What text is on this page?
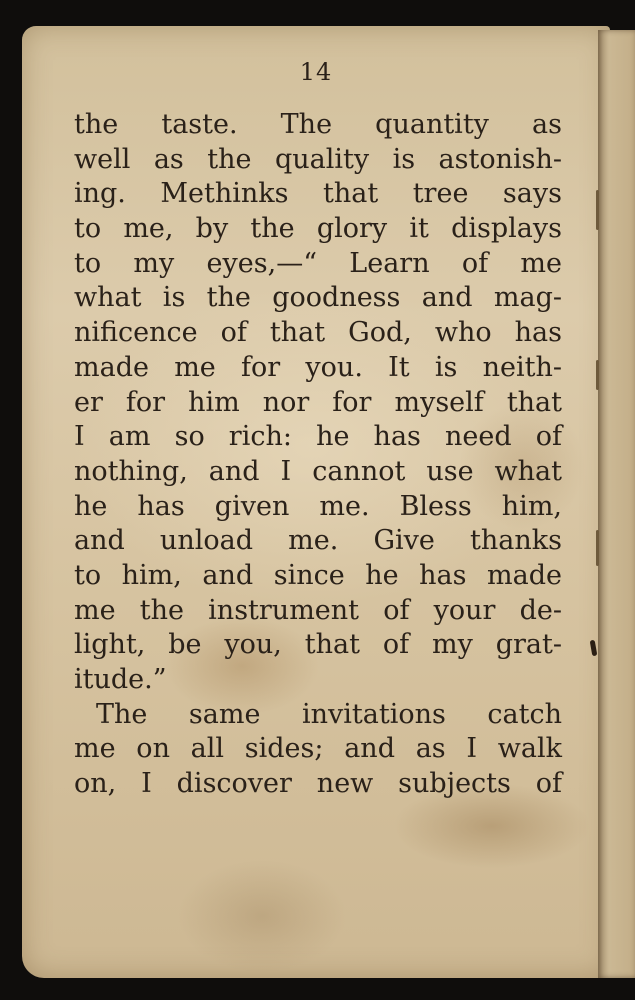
14
the taste. The quantity as
well as the quality is astonish-
ing. Methinks that tree says
to me, by the glory it displays
to my eyes,—“ Learn of me
what is the goodness and mag-
nificence of that God, who has
made me for you. It is neith-
er for him nor for myself that
I am so rich: he has need of
nothing, and I cannot use what
he has given me. Bless him,
and unload me. Give thanks
to him, and since he has made
me the instrument of your de-
light, be you, that of my grat-
itude.”
The same invitations catch
me on all sides; and as I walk
on, I discover new subjects of
